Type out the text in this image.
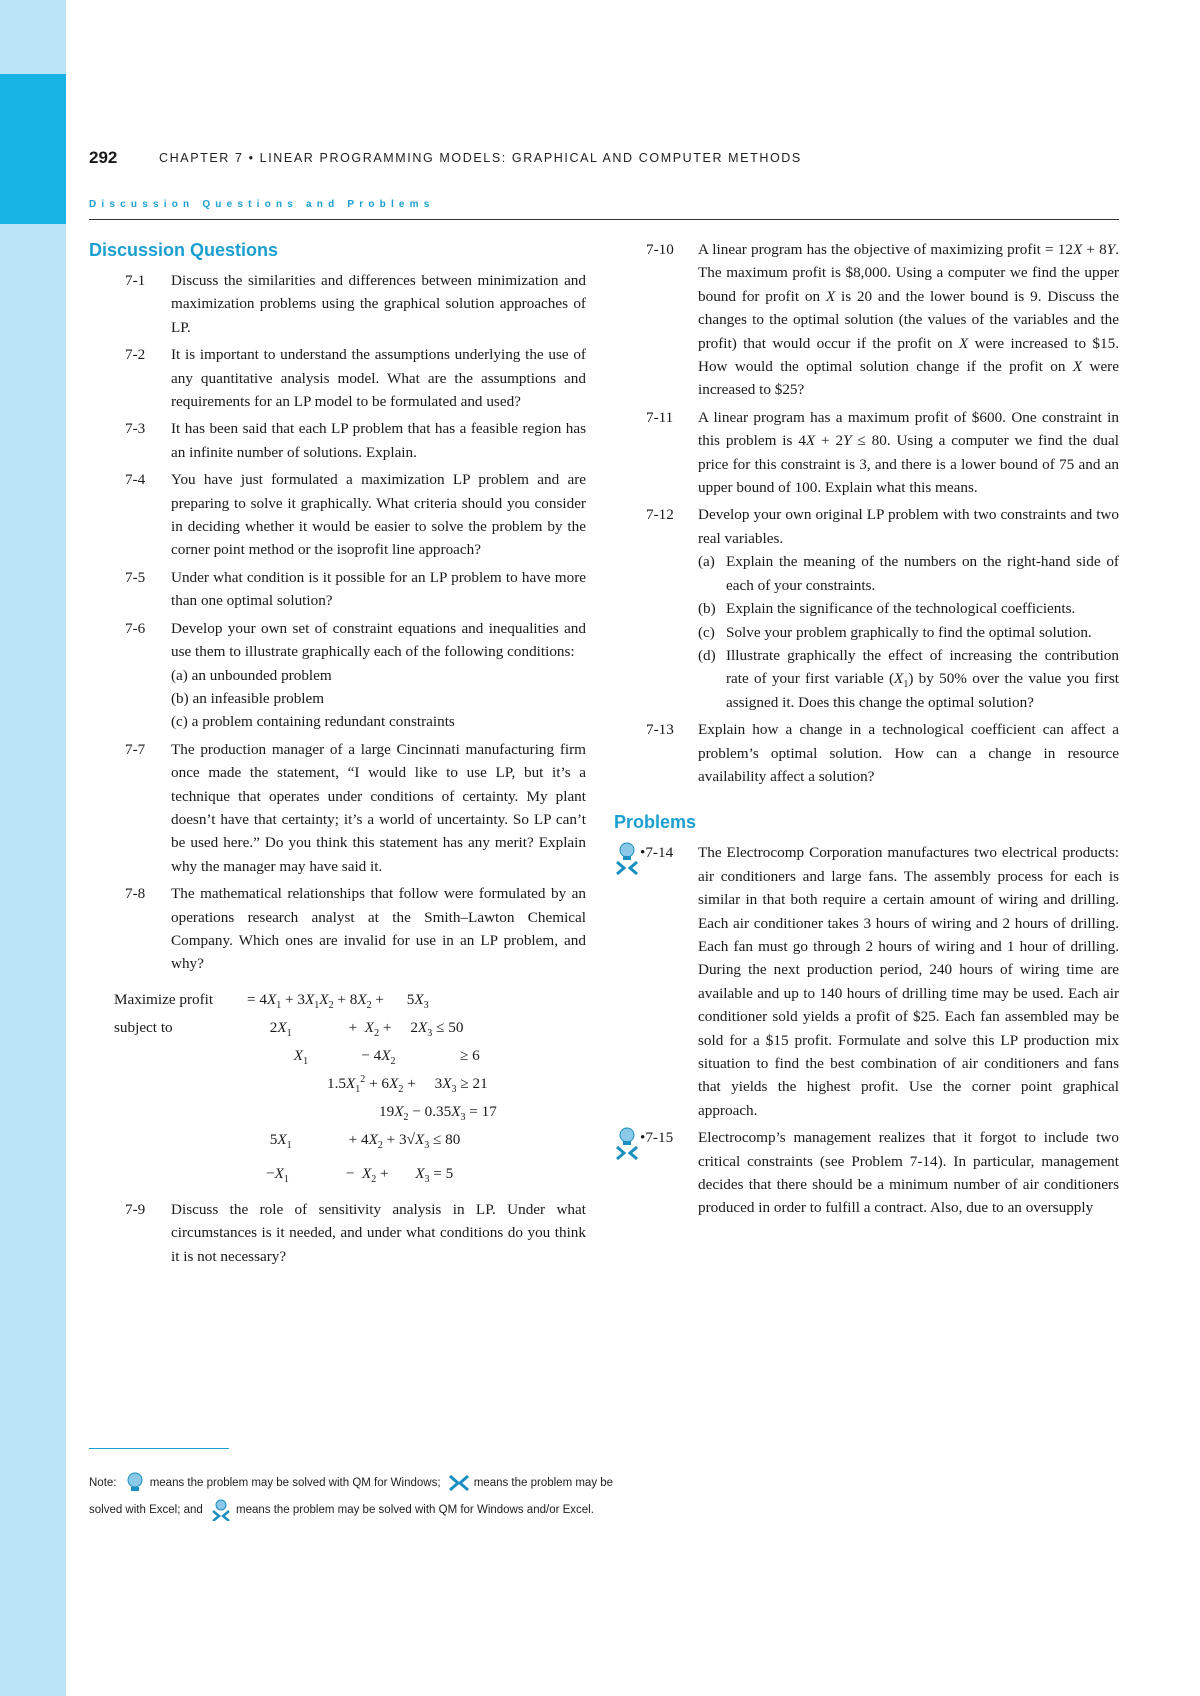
292	CHAPTER 7 • LINEAR PROGRAMMING MODELS: GRAPHICAL AND COMPUTER METHODS
Discussion Questions and Problems
Discussion Questions
7-1 Discuss the similarities and differences between minimization and maximization problems using the graphical solution approaches of LP.
7-2 It is important to understand the assumptions underlying the use of any quantitative analysis model. What are the assumptions and requirements for an LP model to be formulated and used?
7-3 It has been said that each LP problem that has a feasible region has an infinite number of solutions. Explain.
7-4 You have just formulated a maximization LP problem and are preparing to solve it graphically. What criteria should you consider in deciding whether it would be easier to solve the problem by the corner point method or the isoprofit line approach?
7-5 Under what condition is it possible for an LP problem to have more than one optimal solution?
7-6 Develop your own set of constraint equations and inequalities and use them to illustrate graphically each of the following conditions:
(a) an unbounded problem
(b) an infeasible problem
(c) a problem containing redundant constraints
7-7 The production manager of a large Cincinnati manufacturing firm once made the statement, “I would like to use LP, but it’s a technique that operates under conditions of certainty. My plant doesn’t have that certainty; it’s a world of uncertainty. So LP can’t be used here.” Do you think this statement has any merit? Explain why the manager may have said it.
7-8 The mathematical relationships that follow were formulated by an operations research analyst at the Smith–Lawton Chemical Company. Which ones are invalid for use in an LP problem, and why?
Maximize profit = $4X_1 + 3X_1X_2 + 8X_2$ +      $5X_3$
subject to	$2X_1$               +  $X_2$ +     $2X_3 \le 50$
$X_1$              − $4X_2$                 ≥ 6
$1.5X_1^2 + 6X_2$ +     $3X_3 \ge 21$
$19X_2 - 0.35X_3 = 17$
$5X_1$               + $4X_2 + 3√X_3 \le 80$
$-X_1$               −  $X_2$ +       $X_3 = 5$
7-9 Discuss the role of sensitivity analysis in LP. Under what circumstances is it needed, and under what conditions do you think it is not necessary?
7-10 A linear program has the objective of maximizing profit = 12X + 8Y. The maximum profit is $8,000. Using a computer we find the upper bound for profit on X is 20 and the lower bound is 9. Discuss the changes to the optimal solution (the values of the variables and the profit) that would occur if the profit on X were increased to $15. How would the optimal solution change if the profit on X were increased to $25?
7-11 A linear program has a maximum profit of $600. One constraint in this problem is 4X + 2Y ≤ 80. Using a computer we find the dual price for this constraint is 3, and there is a lower bound of 75 and an upper bound of 100. Explain what this means.
7-12 Develop your own original LP problem with two constraints and two real variables.
(a) Explain the meaning of the numbers on the right-hand side of each of your constraints.
(b) Explain the significance of the technological coefficients.
(c) Solve your problem graphically to find the optimal solution.
(d) Illustrate graphically the effect of increasing the contribution rate of your first variable $(X_1)$ by 50% over the value you first assigned it. Does this change the optimal solution?
7-13 Explain how a change in a technological coefficient can affect a problem’s optimal solution. How can a change in resource availability affect a solution?
Problems
•7-14 The Electrocomp Corporation manufactures two electrical products: air conditioners and large fans. The assembly process for each is similar in that both require a certain amount of wiring and drilling. Each air conditioner takes 3 hours of wiring and 2 hours of drilling. Each fan must go through 2 hours of wiring and 1 hour of drilling. During the next production period, 240 hours of wiring time are available and up to 140 hours of drilling time may be used. Each air conditioner sold yields a profit of $25. Each fan assembled may be sold for a $15 profit. Formulate and solve this LP production mix situation to find the best combination of air conditioners and fans that yields the highest profit. Use the corner point graphical approach.
•7-15 Electrocomp’s management realizes that it forgot to include two critical constraints (see Problem 7-14). In particular, management decides that there should be a minimum number of air conditioners produced in order to fulfill a contract. Also, due to an oversupply
Note:	means the problem may be solved with QM for Windows;	means the problem may be
solved with Excel; and	means the problem may be solved with QM for Windows and/or Excel.
